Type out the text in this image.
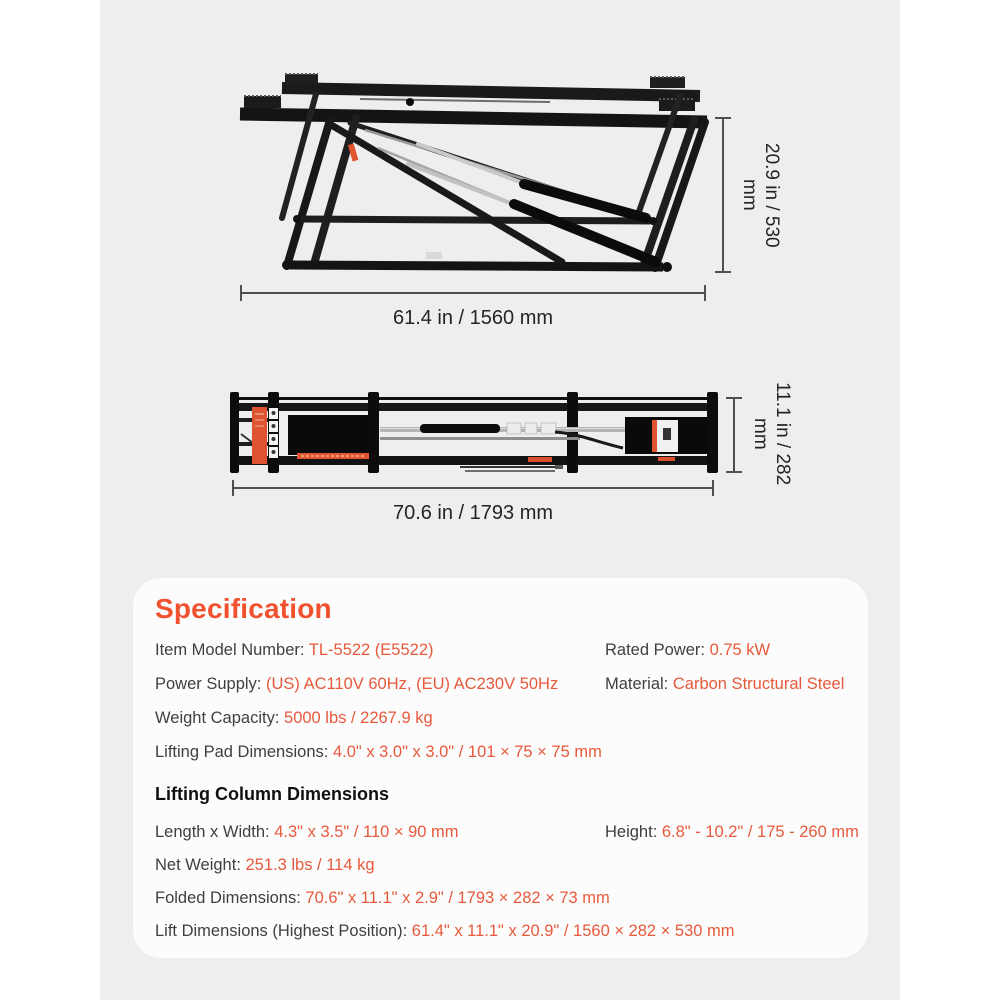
20.9 in / 530 mm
61.4 in / 1560 mm
11.1 in / 282 mm
70.6 in / 1793 mm
Specification
Item Model Number: TL-5522 (E5522)
Power Supply: (US) AC110V 60Hz, (EU) AC230V 50Hz
Weight Capacity: 5000 lbs / 2267.9 kg
Lifting Pad Dimensions: 4.0" x 3.0" x 3.0" / 101 × 75 × 75 mm
Rated Power: 0.75 kW
Material: Carbon Structural Steel
Lifting Column Dimensions
Length x Width: 4.3" x 3.5" / 110 × 90 mm
Net Weight: 251.3 lbs / 114 kg
Folded Dimensions: 70.6" x 11.1" x 2.9" / 1793 × 282 × 73 mm
Lift Dimensions (Highest Position): 61.4" x 11.1" x 20.9" / 1560 × 282 × 530 mm
Height: 6.8" - 10.2" / 175 - 260 mm
